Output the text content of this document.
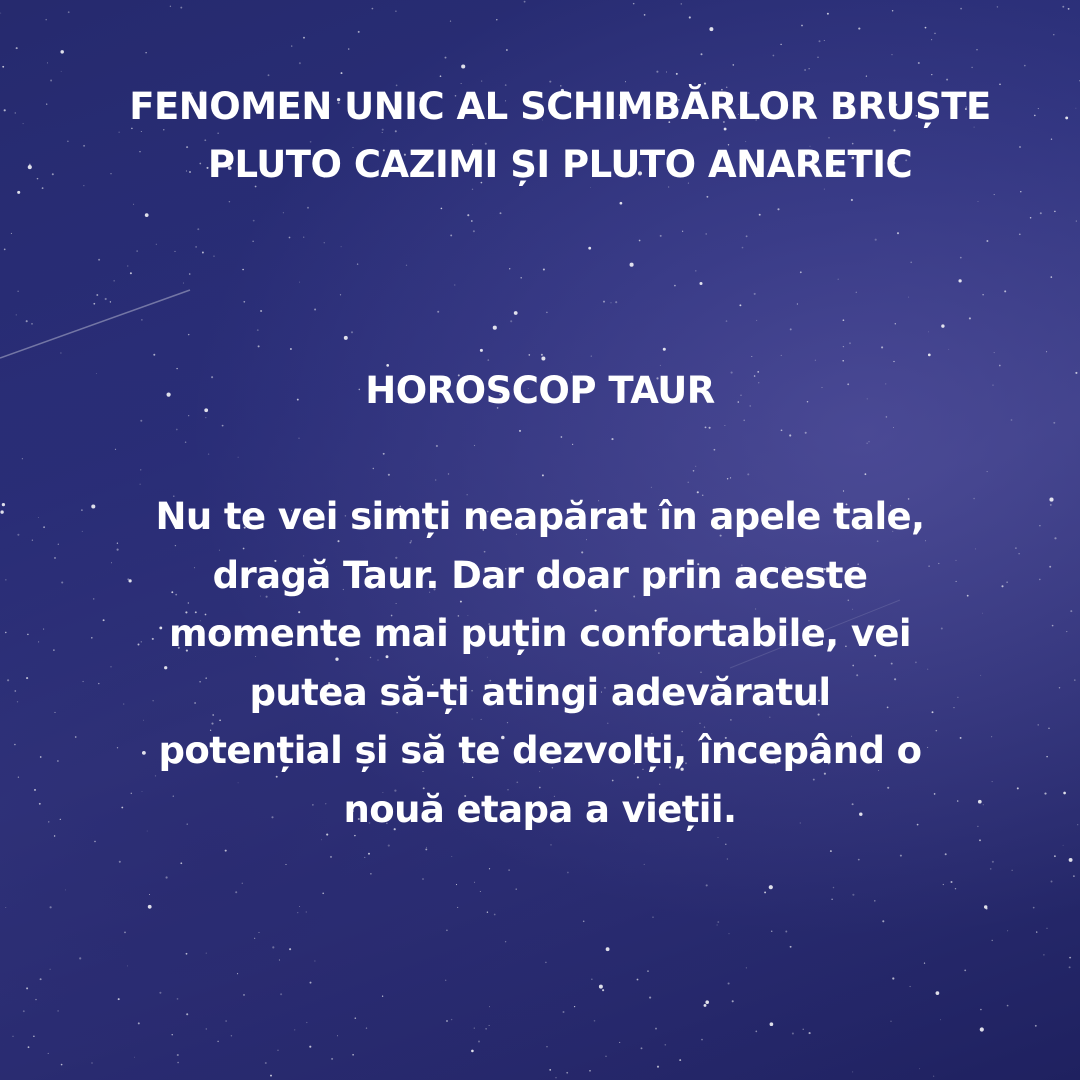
FENOMEN UNIC AL SCHIMBĂRLOR BRUȘTE
PLUTO CAZIMI ȘI PLUTO ANARETIC
HOROSCOP TAUR
Nu te vei simți neapărat în apele tale,
dragă Taur. Dar doar prin aceste
momente mai puțin confortabile, vei
putea să-ți atingi adevăratul
potențial și să te dezvolți, începând o
nouă etapa a vieții.
